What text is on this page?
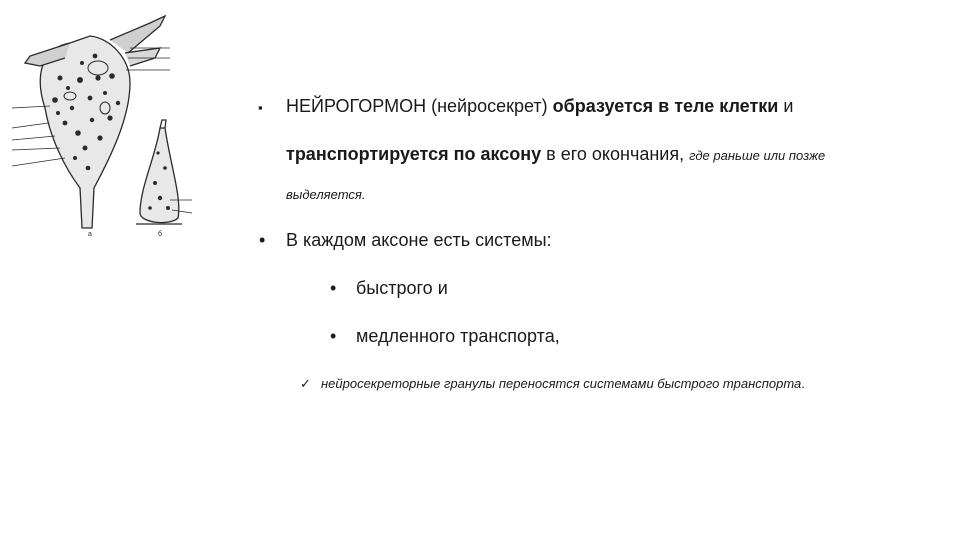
а	б
▪ НЕЙРОГОРМОН (нейросекрет) образуется в теле клетки и
транспортируется по аксону в его окончания, где раньше или позже
выделяется.
• В каждом аксоне есть системы:
• быстрого и
• медленного транспорта,
✓ нейросекреторные гранулы переносятся системами быстрого транспорта.
